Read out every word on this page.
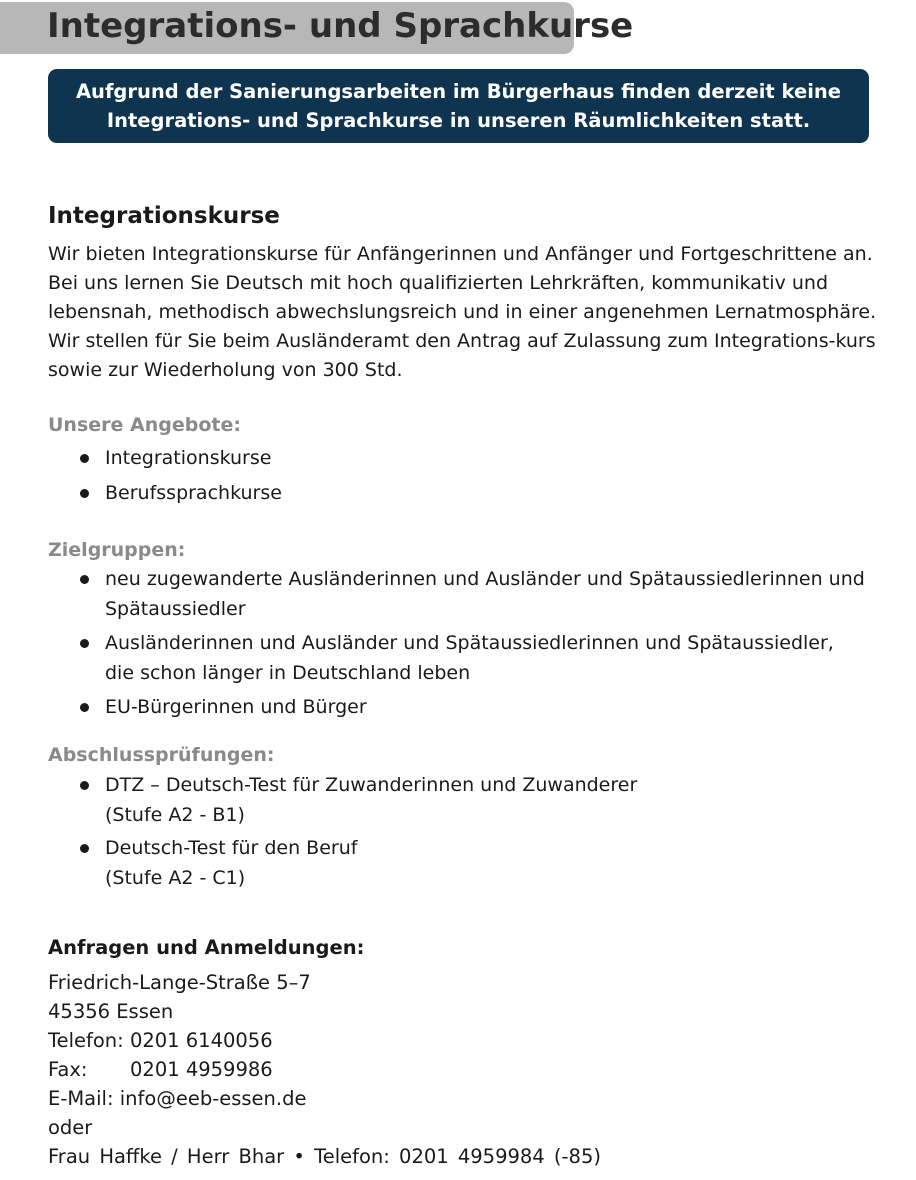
Integrations- und Sprachkurse

Aufgrund der Sanierungsarbeiten im Bürgerhaus finden derzeit keine
Integrations- und Sprachkurse in unseren Räumlichkeiten statt.

Integrationskurse

Wir bieten Integrationskurse für Anfängerinnen und Anfänger und Fortgeschrittene an. Bei uns lernen Sie Deutsch mit hoch qualifizierten Lehrkräften, kommunikativ und lebensnah, methodisch abwechslungsreich und in einer angenehmen Lernatmosphäre. Wir stellen für Sie beim Ausländeramt den Antrag auf Zulassung zum Integrations-kurs sowie zur Wiederholung von 300 Std.

Unsere Angebote:
Integrationskurse
Berufssprachkurse
Zielgruppen:
neu zugewanderte Ausländerinnen und Ausländer und Spätaussiedlerinnen und Spätaussiedler
Ausländerinnen und Ausländer und Spätaussiedlerinnen und Spätaussiedler, die schon länger in Deutschland leben
EU-Bürgerinnen und Bürger
Abschlussprüfungen:
DTZ – Deutsch-Test für Zuwanderinnen und Zuwanderer
(Stufe A2 - B1)
Deutsch-Test für den Beruf
(Stufe A2 - C1)
Anfragen und Anmeldungen:
Friedrich-Lange-Straße 5–7
45356 Essen
Telefon: 0201 6140056
Fax: 0201 4959986
E-Mail: info@eeb-essen.de
oder
Frau Haffke / Herr Bhar • Telefon: 0201 4959984 (-85)
